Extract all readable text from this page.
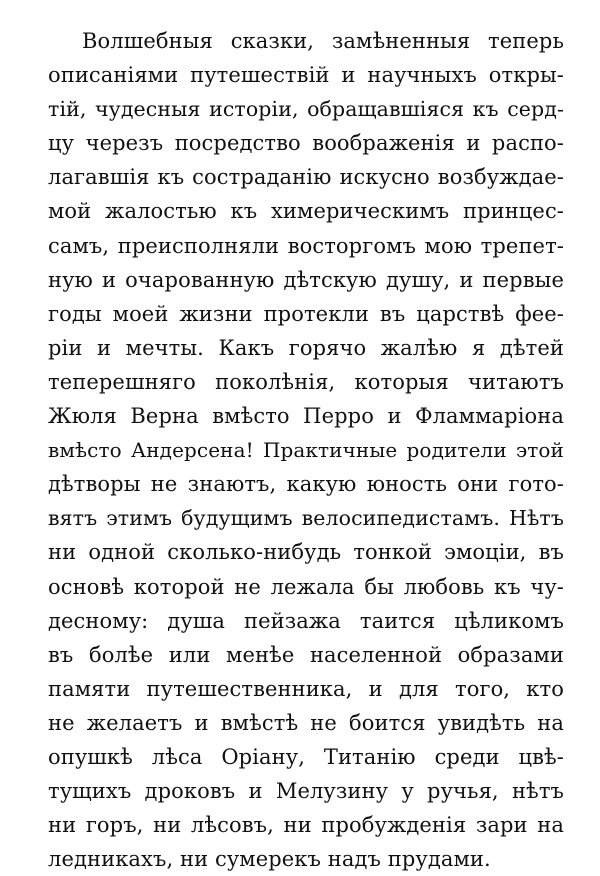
Волшебныя сказки, замѣненныя теперь
описаніями путешествій и научныхъ откры-
тій, чудесныя исторіи, обращавшіяся къ серд-
цу черезъ посредство воображенія и распо-
лагавшія къ состраданію искусно возбуждае-
мой жалостью къ химерическимъ принцес-
самъ, преисполняли восторгомъ мою трепет-
ную и очарованную дѣтскую душу, и первые
годы моей жизни протекли въ царствѣ феe-
ріи и мечты. Какъ горячо жалѣю я дѣтей
теперешняго поколѣнія, которыя читаютъ
Жюля Верна вмѣсто Перро и Фламмаріона
вмѣсто Андерсена! Практичные родители этой
дѣтворы не знаютъ, какую юность они гото-
вятъ этимъ будущимъ велосипедистамъ. Нѣтъ
ни одной сколько-нибудь тонкой эмоціи, въ
основѣ которой не лежала бы любовь къ чу-
десному: душа пейзажа таится цѣликомъ
въ болѣе или менѣе населенной образами
памяти путешественника, и для того, кто
не желаетъ и вмѣстѣ не боится увидѣть на
опушкѣ лѣса Оріану, Титанію среди цвѣ-
тущихъ дроковъ и Мелузину у ручья, нѣтъ
ни горъ, ни лѣсовъ, ни пробужденія зари на
ледникахъ, ни сумерекъ надъ прудами.
